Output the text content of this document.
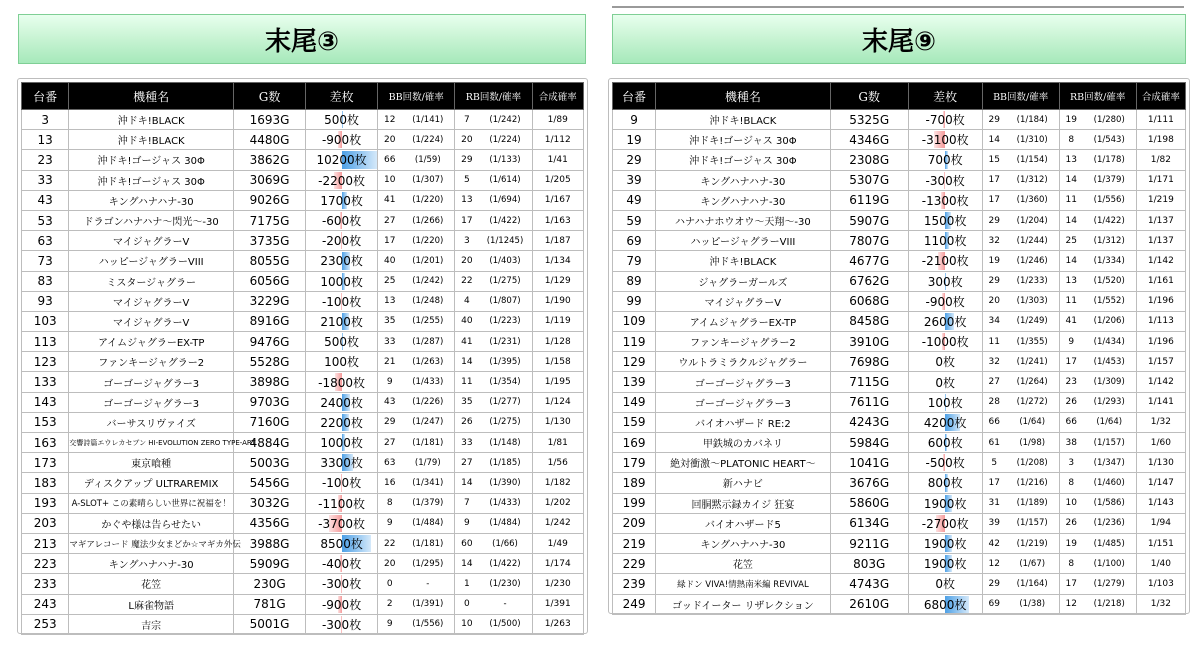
末尾③
台番	機種名	G数	差枚	BB回数/確率		RB回数/確率		合成確率
3	沖ドキ!BLACK	1693G	500枚	12	(1/141)	7	(1/242)	1/89
13	沖ドキ!BLACK	4480G	-900枚	20	(1/224)	20	(1/224)	1/112
23	沖ドキ!ゴージャス 30Φ	3862G	10200枚	66	(1/59)	29	(1/133)	1/41
33	沖ドキ!ゴージャス 30Φ	3069G	-2200枚	10	(1/307)	5	(1/614)	1/205
43	キングハナハナ-30	9026G	1700枚	41	(1/220)	13	(1/694)	1/167
53	ドラゴンハナハナ～閃光～-30	7175G	-600枚	27	(1/266)	17	(1/422)	1/163
63	マイジャグラーV	3735G	-200枚	17	(1/220)	3	(1/1245)	1/187
73	ハッピージャグラーVIII	8055G	2300枚	40	(1/201)	20	(1/403)	1/134
83	ミスタージャグラー	6056G	1000枚	25	(1/242)	22	(1/275)	1/129
93	マイジャグラーV	3229G	-100枚	13	(1/248)	4	(1/807)	1/190
103	マイジャグラーV	8916G	2100枚	35	(1/255)	40	(1/223)	1/119
113	アイムジャグラーEX-TP	9476G	500枚	33	(1/287)	41	(1/231)	1/128
123	ファンキージャグラー2	5528G	100枚	21	(1/263)	14	(1/395)	1/158
133	ゴーゴージャグラー3	3898G	-1800枚	9	(1/433)	11	(1/354)	1/195
143	ゴーゴージャグラー3	9703G	2400枚	43	(1/226)	35	(1/277)	1/124
153	バーサスリヴァイズ	7160G	2200枚	29	(1/247)	26	(1/275)	1/130
163	交響詩篇エウレカセブン HI-EVOLUTION ZERO TYPE-ART	4884G	1000枚	27	(1/181)	33	(1/148)	1/81
173	東京喰種	5003G	3300枚	63	(1/79)	27	(1/185)	1/56
183	ディスクアップ ULTRAREMIX	5456G	-100枚	16	(1/341)	14	(1/390)	1/182
193	A-SLOT+ この素晴らしい世界に祝福を！	3032G	-1100枚	8	(1/379)	7	(1/433)	1/202
203	かぐや様は告らせたい	4356G	-3700枚	9	(1/484)	9	(1/484)	1/242
213	マギアレコード 魔法少女まどか☆マギカ外伝	3988G	8500枚	22	(1/181)	60	(1/66)	1/49
223	キングハナハナ-30	5909G	-400枚	20	(1/295)	14	(1/422)	1/174
233	花笠	230G	-300枚	0	-	1	(1/230)	1/230
243	L麻雀物語	781G	-900枚	2	(1/391)	0	-	1/391
253	吉宗	5001G	-300枚	9	(1/556)	10	(1/500)	1/263
末尾⑨
台番	機種名	G数	差枚	BB回数/確率		RB回数/確率		合成確率
9	沖ドキ!BLACK	5325G	-700枚	29	(1/184)	19	(1/280)	1/111
19	沖ドキ!ゴージャス 30Φ	4346G	-3100枚	14	(1/310)	8	(1/543)	1/198
29	沖ドキ!ゴージャス 30Φ	2308G	700枚	15	(1/154)	13	(1/178)	1/82
39	キングハナハナ-30	5307G	-300枚	17	(1/312)	14	(1/379)	1/171
49	キングハナハナ-30	6119G	-1300枚	17	(1/360)	11	(1/556)	1/219
59	ハナハナホウオウ～天翔～-30	5907G	1500枚	29	(1/204)	14	(1/422)	1/137
69	ハッピージャグラーVIII	7807G	1100枚	32	(1/244)	25	(1/312)	1/137
79	沖ドキ!BLACK	4677G	-2100枚	19	(1/246)	14	(1/334)	1/142
89	ジャグラーガールズ	6762G	300枚	29	(1/233)	13	(1/520)	1/161
99	マイジャグラーV	6068G	-900枚	20	(1/303)	11	(1/552)	1/196
109	アイムジャグラーEX-TP	8458G	2600枚	34	(1/249)	41	(1/206)	1/113
119	ファンキージャグラー2	3910G	-1000枚	11	(1/355)	9	(1/434)	1/196
129	ウルトラミラクルジャグラー	7698G	0枚	32	(1/241)	17	(1/453)	1/157
139	ゴーゴージャグラー3	7115G	0枚	27	(1/264)	23	(1/309)	1/142
149	ゴーゴージャグラー3	7611G	100枚	28	(1/272)	26	(1/293)	1/141
159	バイオハザード RE:2	4243G	4200枚	66	(1/64)	66	(1/64)	1/32
169	甲鉄城のカバネリ	5984G	600枚	61	(1/98)	38	(1/157)	1/60
179	絶対衝激～PLATONIC HEART～	1041G	-500枚	5	(1/208)	3	(1/347)	1/130
189	新ハナビ	3676G	800枚	17	(1/216)	8	(1/460)	1/147
199	回胴黙示録カイジ 狂宴	5860G	1900枚	31	(1/189)	10	(1/586)	1/143
209	バイオハザード5	6134G	-2700枚	39	(1/157)	26	(1/236)	1/94
219	キングハナハナ-30	9211G	1900枚	42	(1/219)	19	(1/485)	1/151
229	花笠	803G	1900枚	12	(1/67)	8	(1/100)	1/40
239	緑ドン VIVA!情熱南米編 REVIVAL	4743G	0枚	29	(1/164)	17	(1/279)	1/103
249	ゴッドイーター リザレクション	2610G	6800枚	69	(1/38)	12	(1/218)	1/32
